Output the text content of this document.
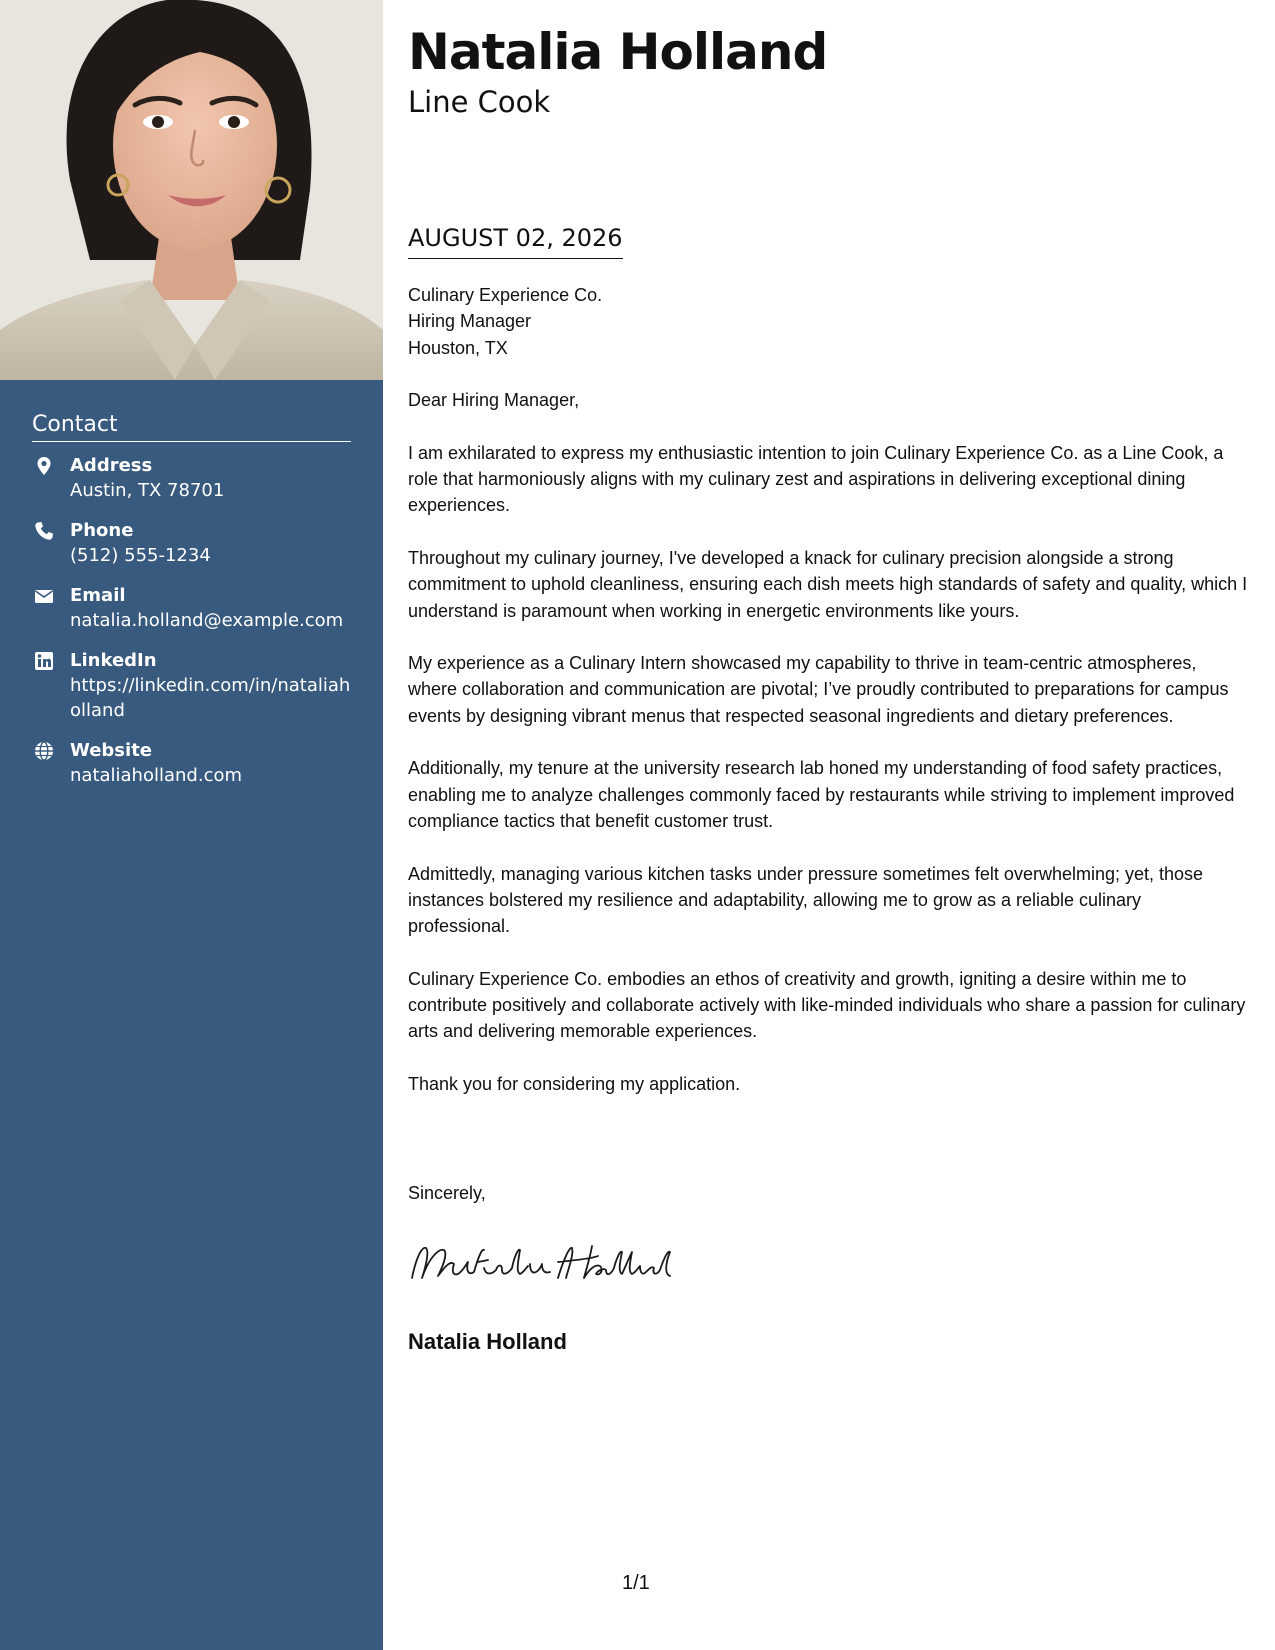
Contact
Address
Austin, TX 78701
Phone
(512) 555-1234
Email
natalia.holland@example.com
LinkedIn
https://linkedin.com/in/nataliaholland
Website
nataliaholland.com
Natalia Holland
Line Cook
AUGUST 02, 2026
Culinary Experience Co.
Hiring Manager
Houston, TX

Dear Hiring Manager,

I am exhilarated to express my enthusiastic intention to join Culinary Experience Co. as a Line Cook, a role that harmoniously aligns with my culinary zest and aspirations in delivering exceptional dining experiences.

Throughout my culinary journey, I've developed a knack for culinary precision alongside a strong commitment to uphold cleanliness, ensuring each dish meets high standards of safety and quality, which I understand is paramount when working in energetic environments like yours.

My experience as a Culinary Intern showcased my capability to thrive in team-centric atmospheres, where collaboration and communication are pivotal; I’ve proudly contributed to preparations for campus events by designing vibrant menus that respected seasonal ingredients and dietary preferences.

Additionally, my tenure at the university research lab honed my understanding of food safety practices, enabling me to analyze challenges commonly faced by restaurants while striving to implement improved compliance tactics that benefit customer trust.

Admittedly, managing various kitchen tasks under pressure sometimes felt overwhelming; yet, those instances bolstered my resilience and adaptability, allowing me to grow as a reliable culinary professional.

Culinary Experience Co. embodies an ethos of creativity and growth, igniting a desire within me to contribute positively and collaborate actively with like-minded individuals who share a passion for culinary arts and delivering memorable experiences.

Thank you for considering my application.

Sincerely,
Natalia Holland
1/1
